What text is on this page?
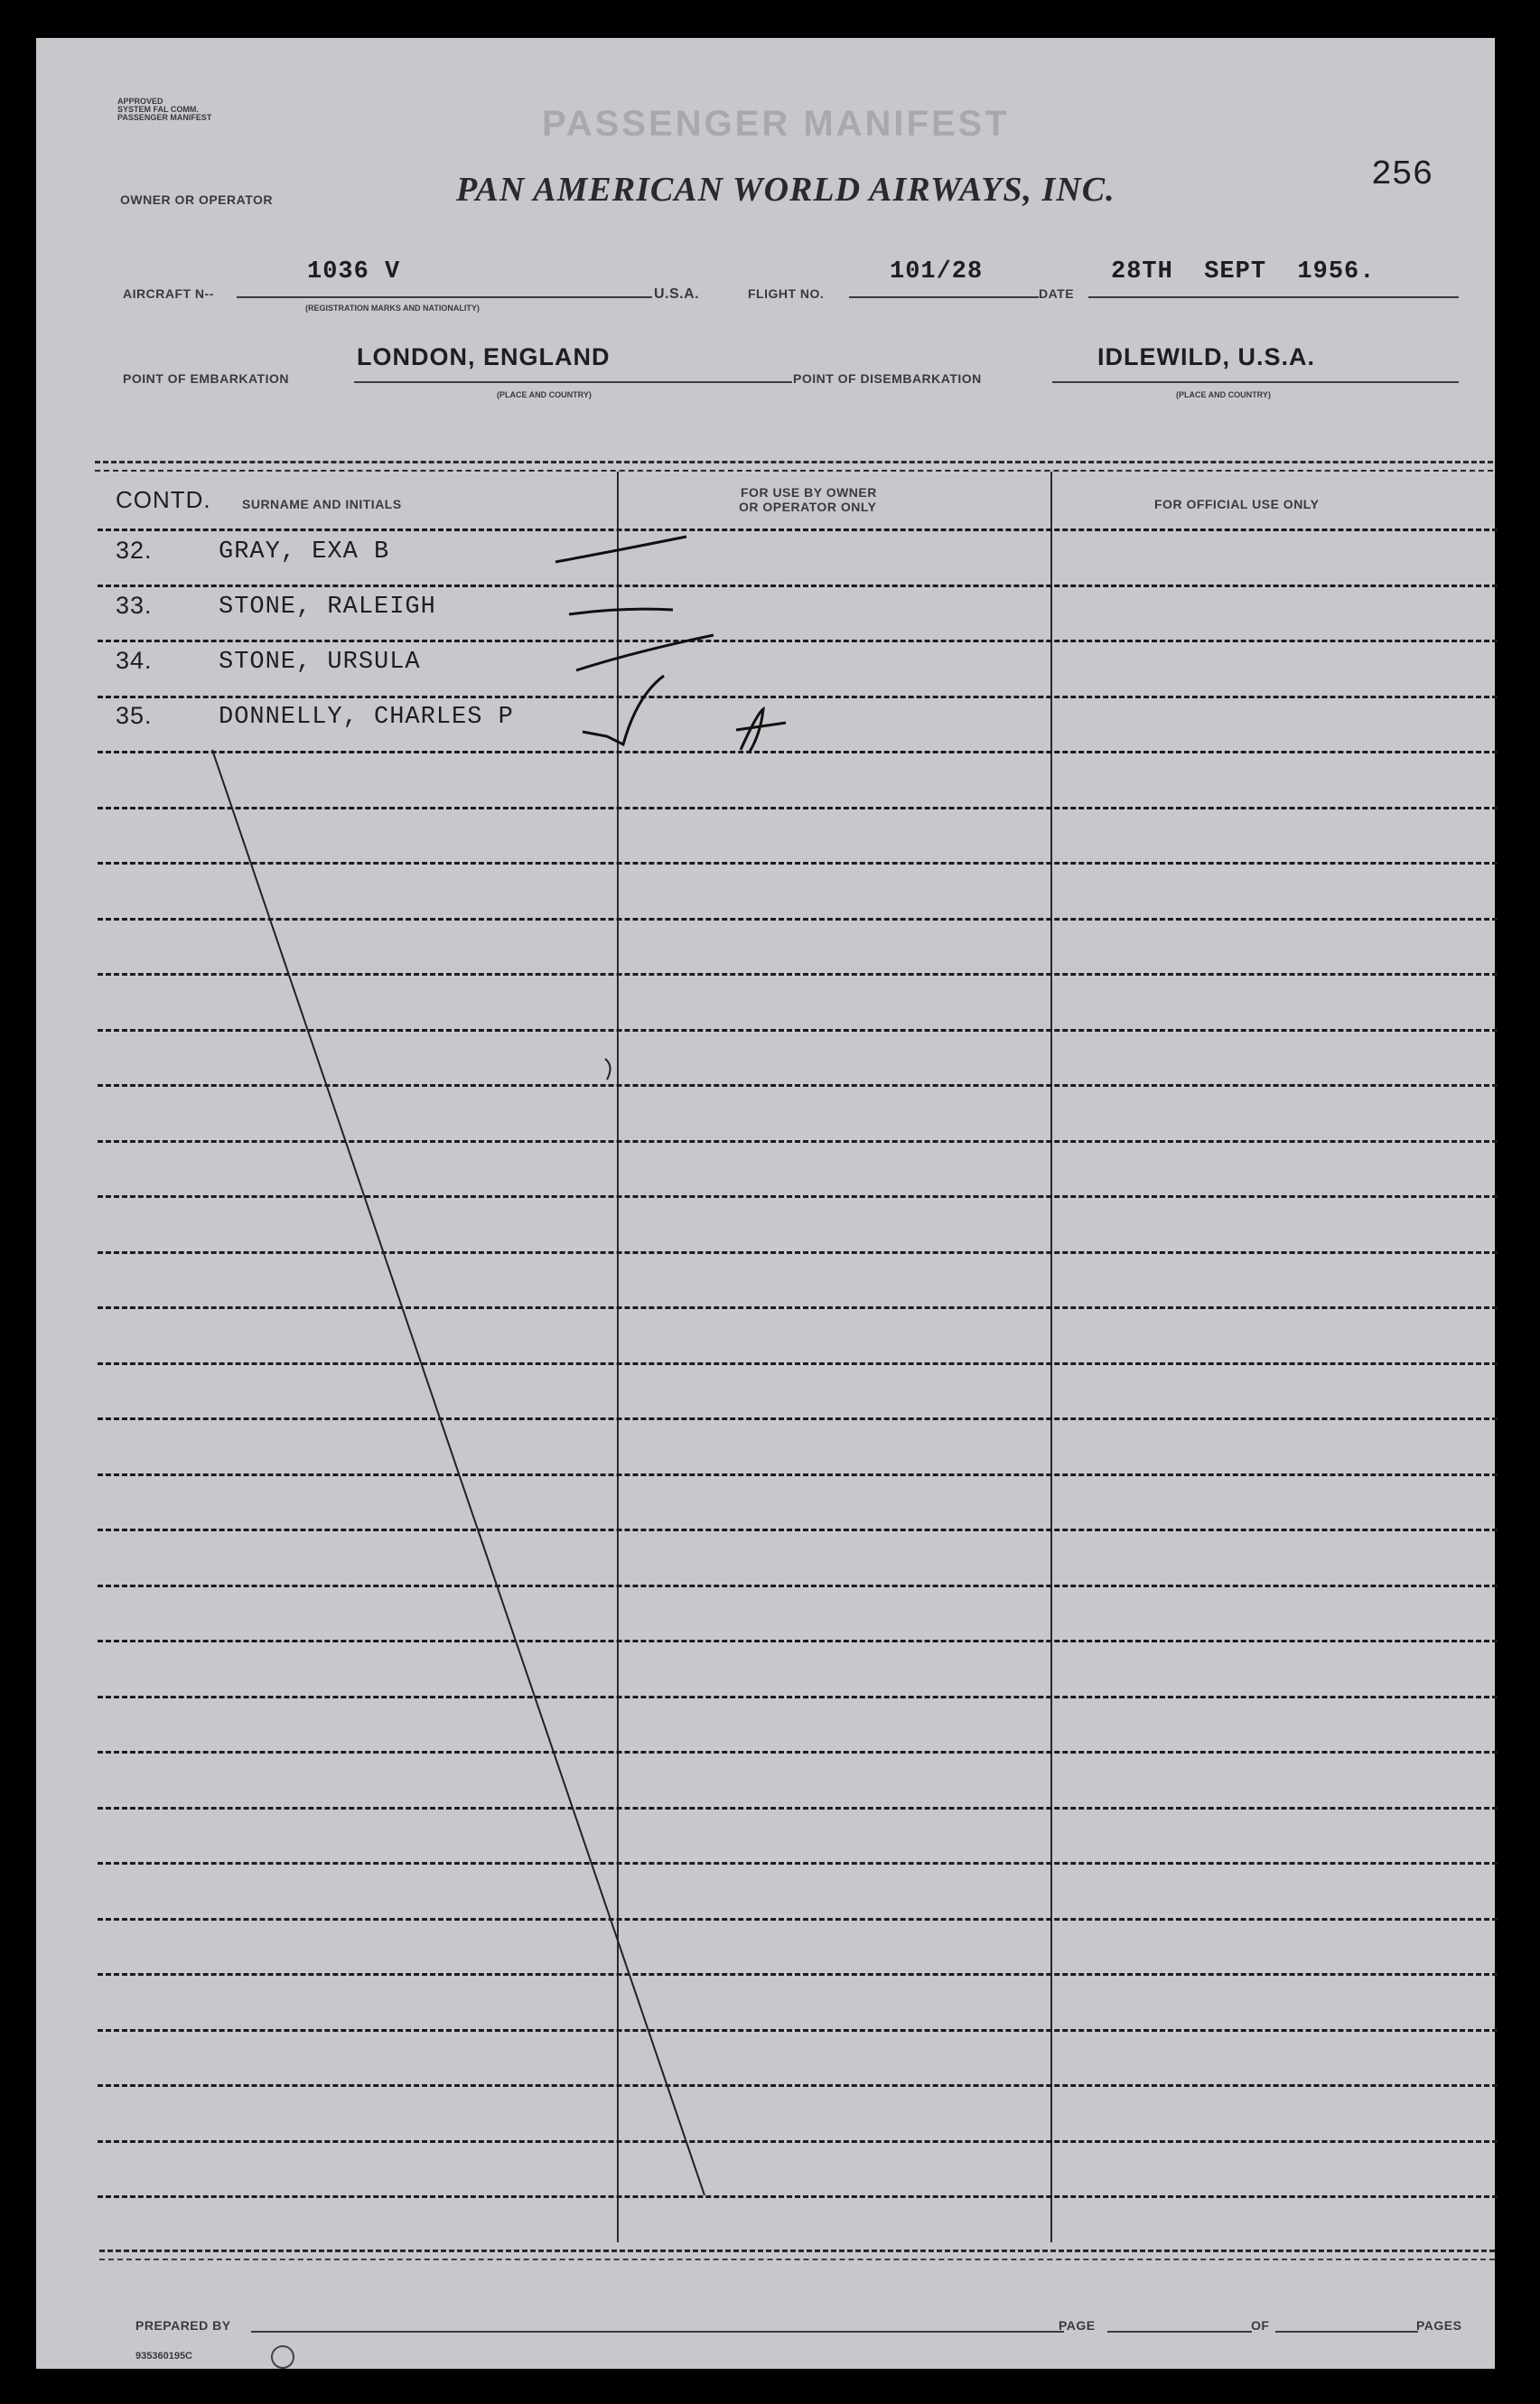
APPROVED
SYSTEM FAL COMM.
PASSENGER MANIFEST	PASSENGER MANIFEST
OWNER OR OPERATOR	PAN AMERICAN WORLD AIRWAYS, INC.	256
AIRCRAFT N--
1036 V
(REGISTRATION MARKS AND NATIONALITY)
U.S.A.	FLIGHT NO.
101/28
DATE
28TH  SEPT  1956.
POINT OF EMBARKATION
LONDON, ENGLAND
(PLACE AND COUNTRY)
POINT OF DISEMBARKATION
IDLEWILD, U.S.A.
(PLACE AND COUNTRY)
CONTD. SURNAME AND INITIALS
FOR USE BY OWNER
OR OPERATOR ONLY	FOR OFFICIAL USE ONLY
32.	GRAY, EXA B
33.	STONE, RALEIGH
34.	STONE, URSULA
35.	DONNELLY, CHARLES P
PREPARED BY
935360195C
PAGE	OF	PAGES
